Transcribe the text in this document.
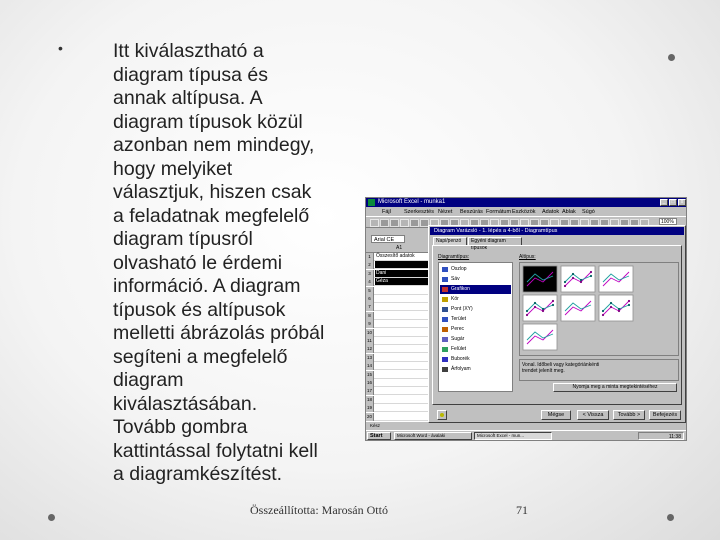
•	Itt kiválasztható a
diagram típusa és
annak altípusa. A
diagram típusok közül
azonban nem mindegy,
hogy melyiket
választjuk, hiszen csak
a feladatnak megfelelő
diagram típusról
olvasható le érdemi
információ. A diagram
típusok és altípusok
melletti ábrázolás próbál
segíteni a megfelelő
diagram
kiválasztásában.
Tovább gombra
kattintással folytatni kell
a diagramkészítést.
Microsoft Excel - munka1	_	□	x
Fájl Szerkesztés Nézet Beszúrás Formátum Eszközök Adatok Ablak Súgó
100%
Arial CE
A1
1	Összesítő adatok
2
3	Dani
4	Géza
5
6
7
8
9
10
11
12
13
14
15
16
17
18
19
20
Kész
Start	Microsoft Word - ávalaki	Microsoft Excel - mun...	11:38
Diagram Varázsló - 1. lépés a 4-ből - Diagramtípus
Napi/penzó	Egyéni diagram típusok
Diagramtípus:	Altípus:
Oszlop
Sáv
Grafikon
Kör
Pont (XY)
Terület
Perec
Sugár
Felület
Buborék
Árfolyam
Vonal. Időbeli vagy kategóriánkénti
trendet jelenít meg.
Nyomja meg a minta megtekintéséhez
Mégse	< Vissza	Tovább >	Befejezés
Összeállította: Marosán Ottó	71
